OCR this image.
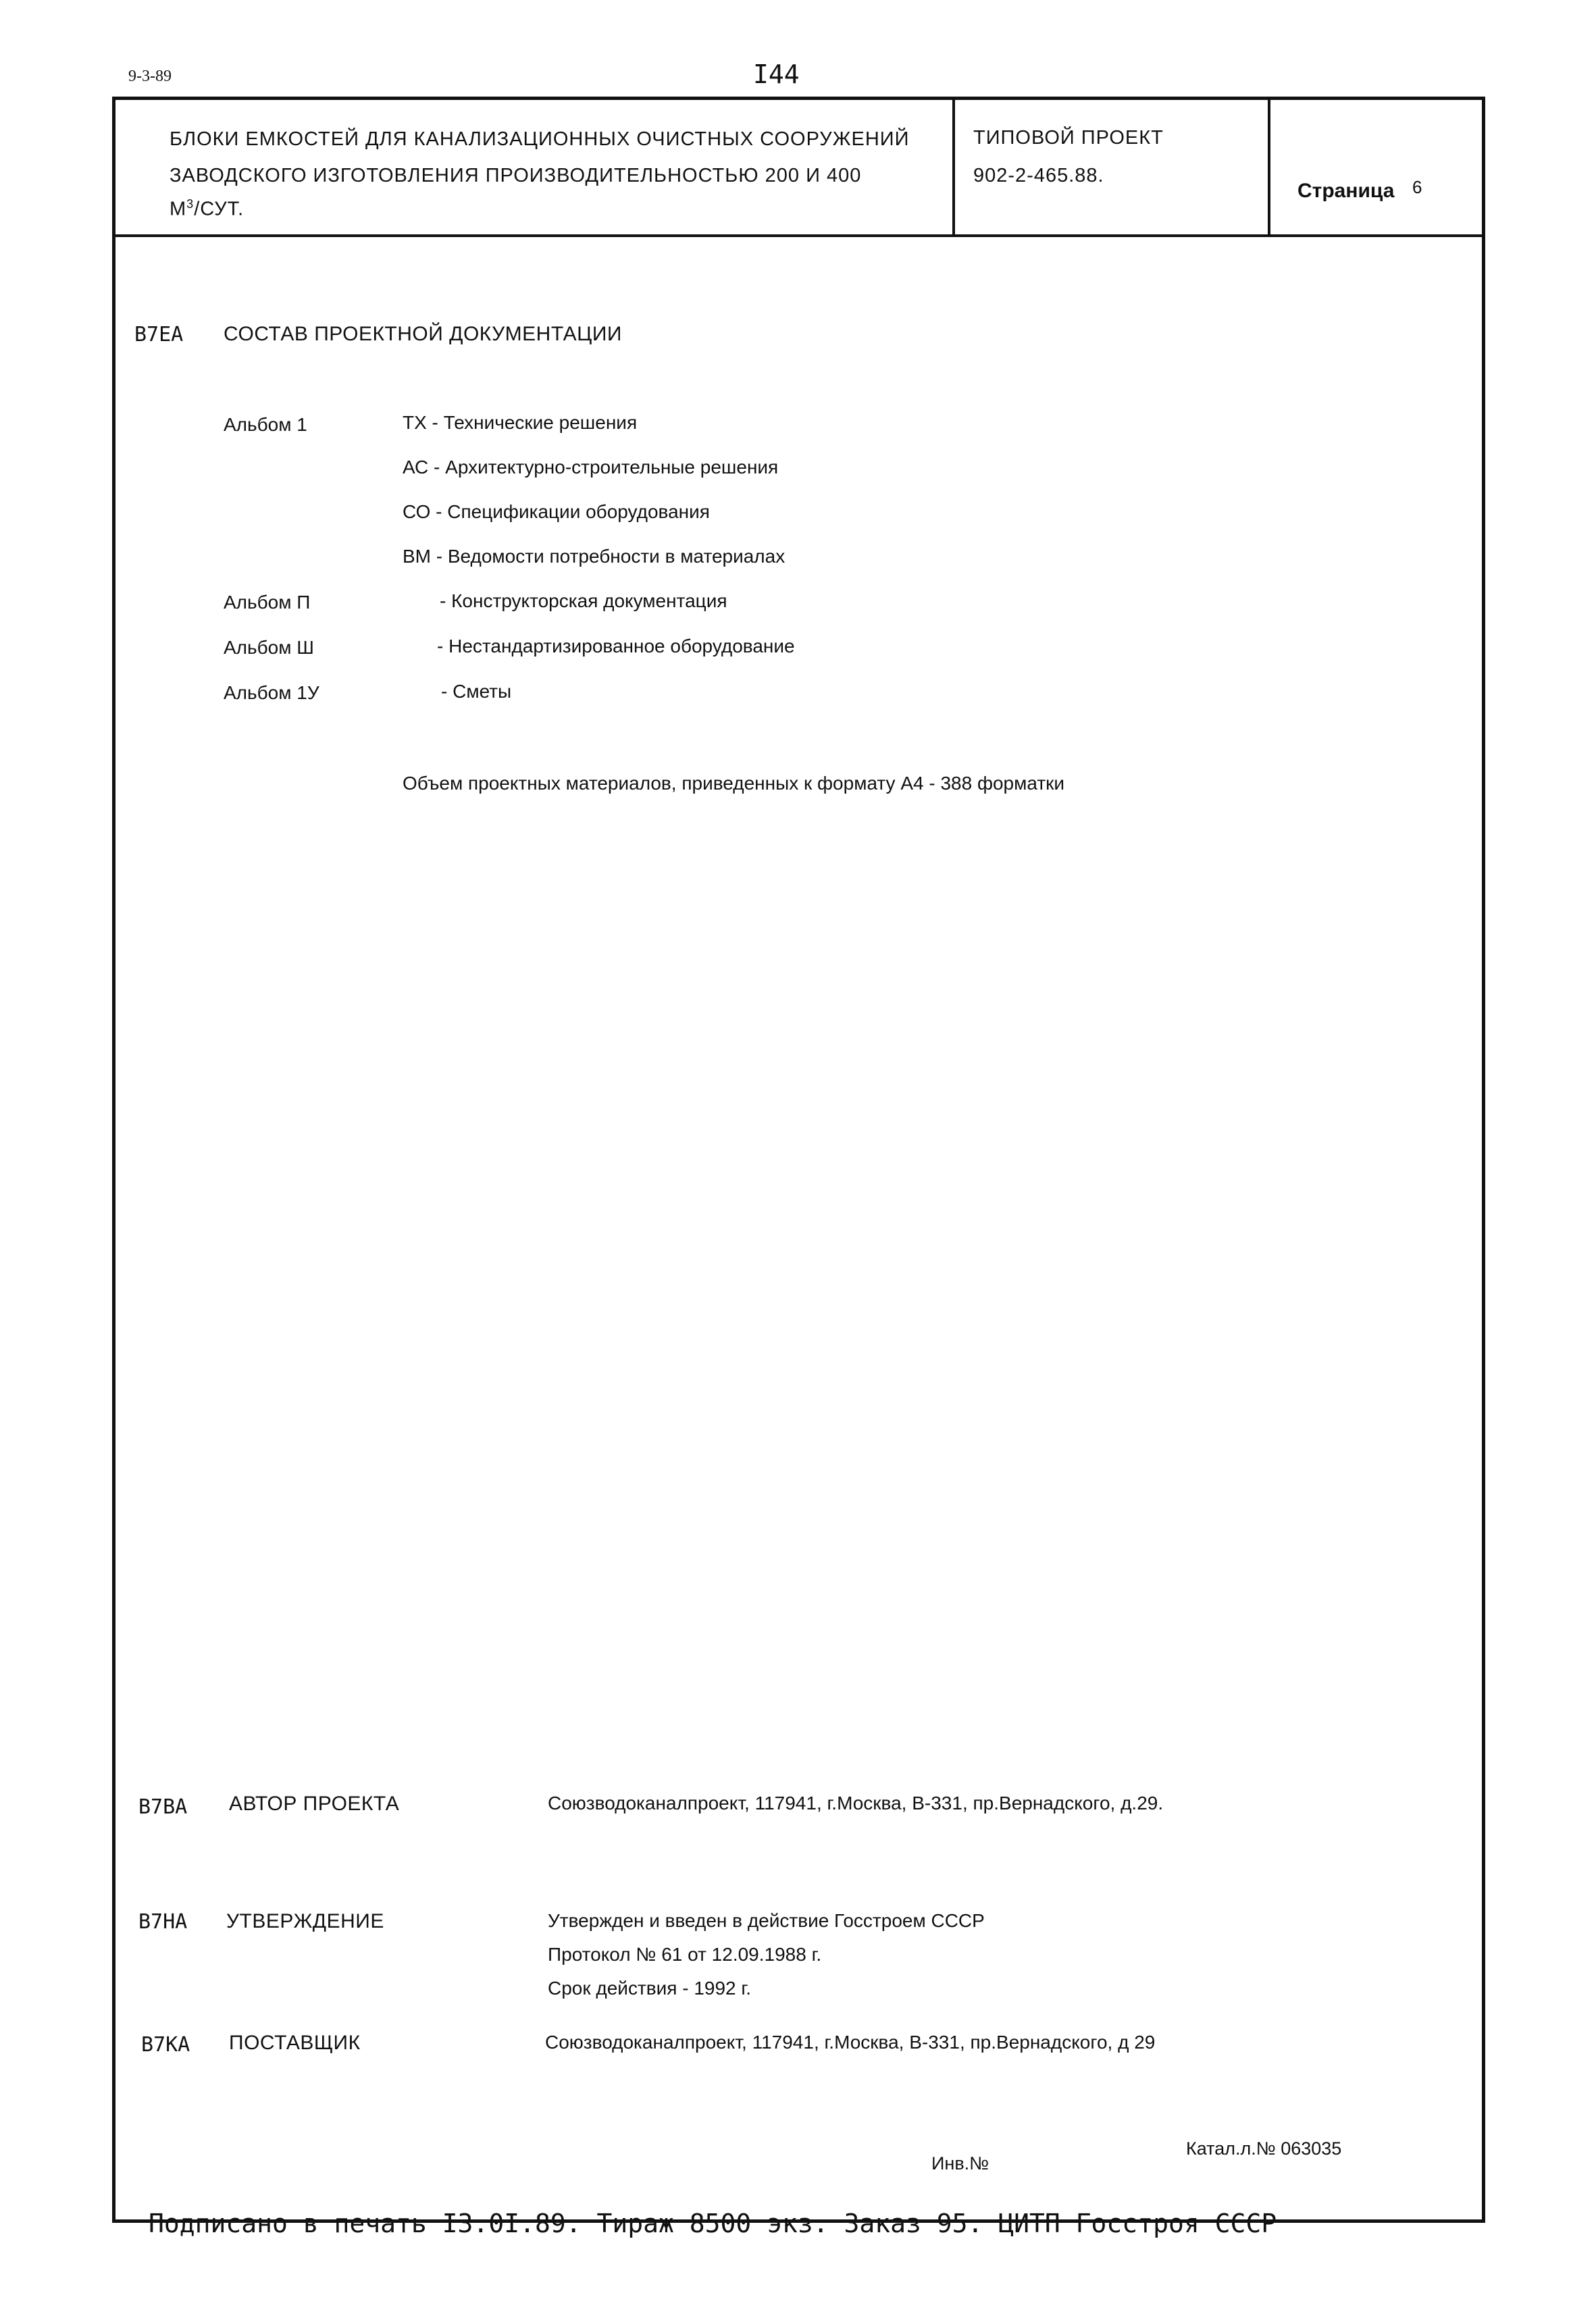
9-3-89	I44
БЛОКИ ЕМКОСТЕЙ ДЛЯ КАНАЛИЗАЦИОННЫХ ОЧИСТНЫХ СООРУЖЕНИЙ
ЗАВОДСКОГО ИЗГОТОВЛЕНИЯ ПРОИЗВОДИТЕЛЬНОСТЬЮ 200 И 400
$М^3$/СУТ.
ТИПОВОЙ ПРОЕКТ
902-2-465.88.
Страница 6
В7ЕА СОСТАВ ПРОЕКТНОЙ ДОКУМЕНТАЦИИ
Альбом 1	ТХ - Технические решения
АС - Архитектурно-строительные решения
СО - Спецификации оборудования
ВМ - Ведомости потребности в материалах
Альбом П	- Конструкторская документация
Альбом Ш	- Нестандартизированное оборудование
Альбом 1У	- Сметы
Объем проектных материалов, приведенных к формату А4 - 388 форматки
В7ВА АВТОР ПРОЕКТА	Союзводоканалпроект, 117941, г.Москва, В-331, пр.Вернадского, д.29.
В7НА УТВЕРЖДЕНИЕ	Утвержден и введен в действие Госстроем СССР
Протокол № 61 от 12.09.1988 г.
Срок действия - 1992 г.
В7КА ПОСТАВЩИК	Союзводоканалпроект, 117941, г.Москва, В-331, пр.Вернадского, д 29
Инв.№
Катал.л.№ 063035
Подписано в печать I3.0I.89. Тираж 8500 экз. Заказ 95. ЦИТП Госстроя СССР
